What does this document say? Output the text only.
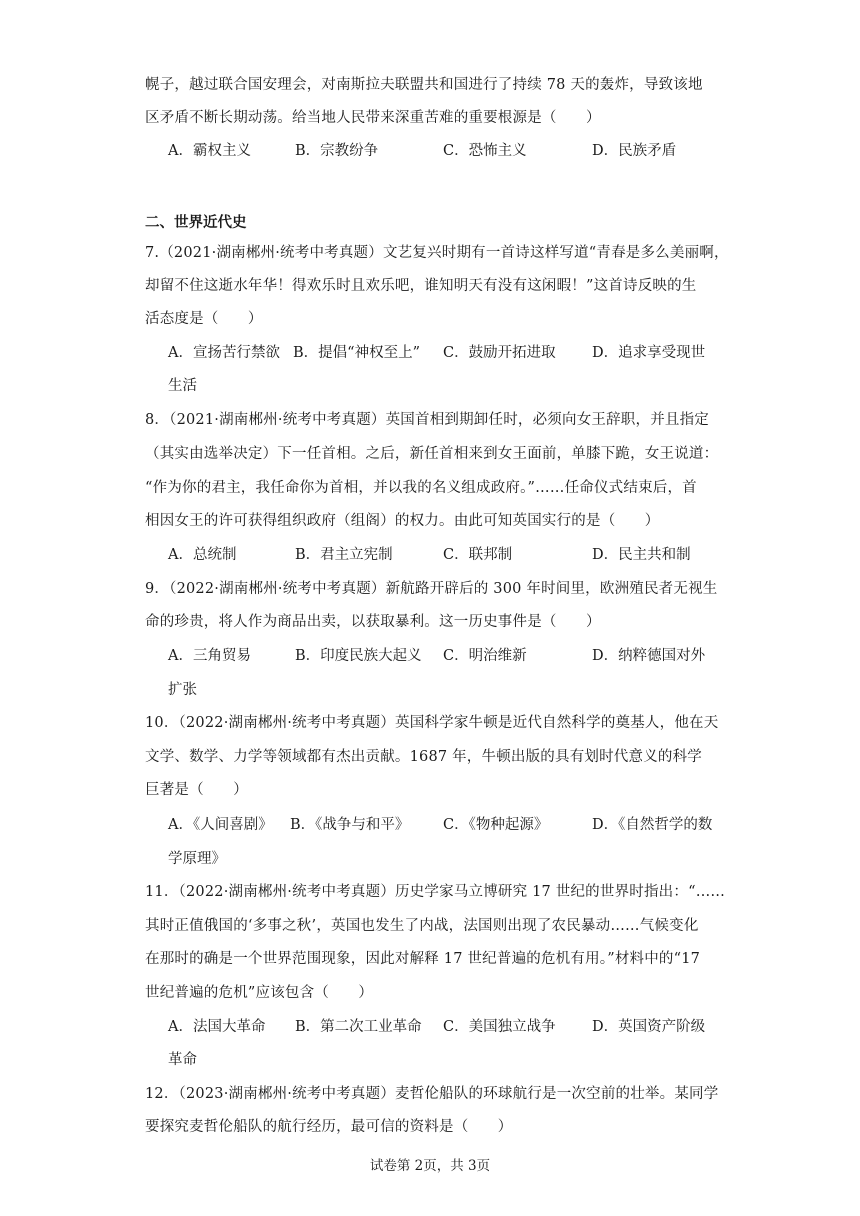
幌子，越过联合国安理会，对南斯拉夫联盟共和国进行了持续 78 天的轰炸，导致该地
区矛盾不断长期动荡。给当地人民带来深重苦难的重要根源是（　　）
A．霸权主义	B．宗教纷争	C．恐怖主义	D．民族矛盾
二、世界近代史
7.（2021·湖南郴州·统考中考真题）文艺复兴时期有一首诗这样写道“青春是多么美丽啊，
却留不住这逝水年华！得欢乐时且欢乐吧，谁知明天有没有这闲暇！”这首诗反映的生
活态度是（　　）
A．宣扬苦行禁欲 B．提倡“神权至上” C．鼓励开拓进取	D．追求享受现世
生活
8．（2021·湖南郴州·统考中考真题）英国首相到期卸任时，必须向女王辞职，并且指定
（其实由选举决定）下一任首相。之后，新任首相来到女王面前，单膝下跪，女王说道：
“作为你的君主，我任命你为首相，并以我的名义组成政府。”……任命仪式结束后，首
相因女王的许可获得组织政府（组阁）的权力。由此可知英国实行的是（　　）
A．总统制	B．君主立宪制	C．联邦制	D．民主共和制
9．（2022·湖南郴州·统考中考真题）新航路开辟后的 300 年时间里，欧洲殖民者无视生
命的珍贵，将人作为商品出卖，以获取暴利。这一历史事件是（　　）
A．三角贸易	B．印度民族大起义 C．明治维新	D．纳粹德国对外
扩张
10．（2022·湖南郴州·统考中考真题）英国科学家牛顿是近代自然科学的奠基人，他在天
文学、数学、力学等领域都有杰出贡献。1687 年，牛顿出版的具有划时代意义的科学
巨著是（　　）
A．《人间喜剧》 B．《战争与和平》 C．《物种起源》	D．《自然哲学的数
学原理》
11．（2022·湖南郴州·统考中考真题）历史学家马立博研究 17 世纪的世界时指出：“……
其时正值俄国的‘多事之秋’，英国也发生了内战，法国则出现了农民暴动……气候变化
在那时的确是一个世界范围现象，因此对解释 17 世纪普遍的危机有用。”材料中的“17
世纪普遍的危机”应该包含（　　）
A．法国大革命 B．第二次工业革命 C．美国独立战争	D．英国资产阶级
革命
12．（2023·湖南郴州·统考中考真题）麦哲伦船队的环球航行是一次空前的壮举。某同学
要探究麦哲伦船队的航行经历，最可信的资料是（　　）
试卷第 2页，共 3页
